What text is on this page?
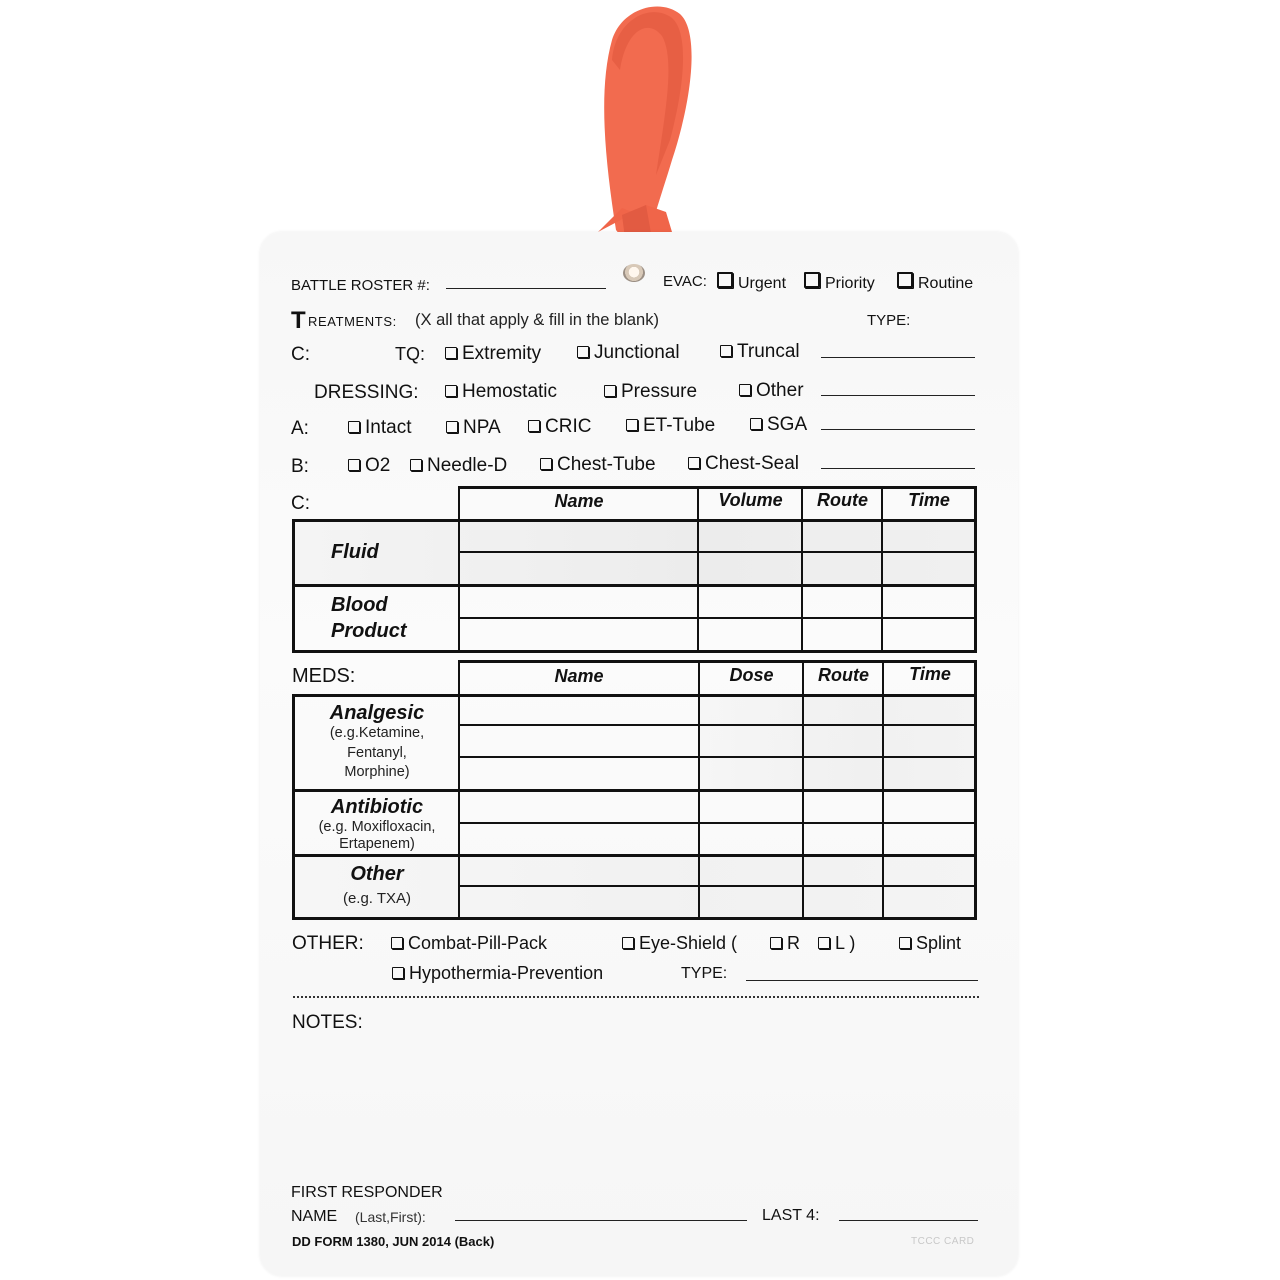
BATTLE ROSTER #:	EVAC:	Urgent	Priority	Routine
T REATMENTS: (X all that apply & fill in the blank)	TYPE:
C:	TQ:	Extremity	Junctional	Truncal
DRESSING:	Hemostatic	Pressure	Other
A:	Intact	NPA	CRIC	ET-Tube	SGA
B:	O2	Needle-D	Chest-Tube	Chest-Seal
C:	Name	Volume	Route	Time
Fluid
Blood
Product
MEDS:	Name	Dose	Route	Time
Analgesic
(e.g.Ketamine,
Fentanyl,
Morphine)
Antibiotic
(e.g. Moxifloxacin,
Ertapenem)
Other
(e.g. TXA)
OTHER:	Combat-Pill-Pack	Eye-Shield (	R	L )	Splint
Hypothermia-Prevention	TYPE:
NOTES:
FIRST RESPONDER
NAME (Last,First):	LAST 4:
DD FORM 1380, JUN 2014 (Back)	TCCC CARD
